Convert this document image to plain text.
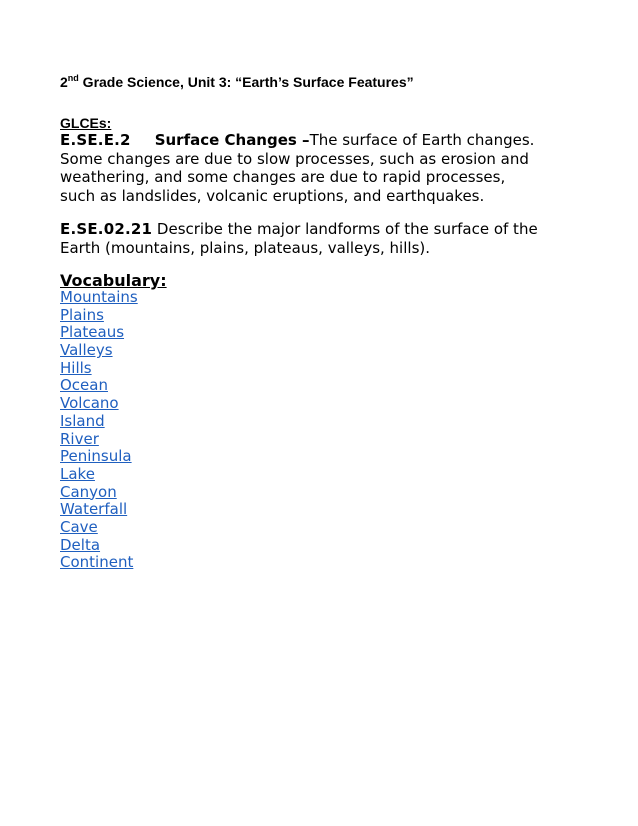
2nd Grade Science, Unit 3: “Earth’s Surface Features”
GLCEs:
E.SE.E.2 Surface Changes –The surface of Earth changes. Some changes are due to slow processes, such as erosion and weathering, and some changes are due to rapid processes, such as landslides, volcanic eruptions, and earthquakes.
E.SE.02.21 Describe the major landforms of the surface of the Earth (mountains, plains, plateaus, valleys, hills).
Vocabulary:
Mountains
Plains
Plateaus
Valleys
Hills
Ocean
Volcano
Island
River
Peninsula
Lake
Canyon
Waterfall
Cave
Delta
Continent
